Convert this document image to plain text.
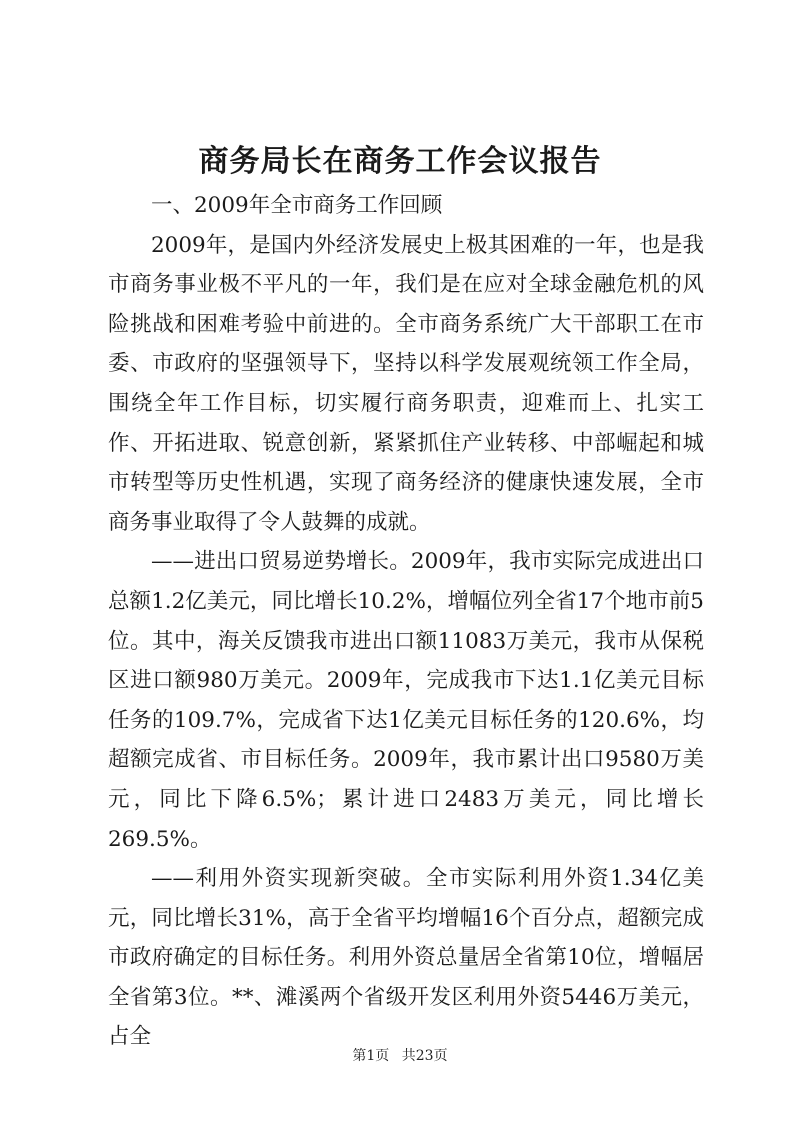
商务局长在商务工作会议报告

一、2009年全市商务工作回顾

2009年，是国内外经济发展史上极其困难的一年，也是我市商务事业极不平凡的一年，我们是在应对全球金融危机的风险挑战和困难考验中前进的。全市商务系统广大干部职工在市委、市政府的坚强领导下，坚持以科学发展观统领工作全局，围绕全年工作目标，切实履行商务职责，迎难而上、扎实工作、开拓进取、锐意创新，紧紧抓住产业转移、中部崛起和城市转型等历史性机遇，实现了商务经济的健康快速发展，全市商务事业取得了令人鼓舞的成就。

——进出口贸易逆势增长。2009年，我市实际完成进出口总额1.2亿美元，同比增长10.2%，增幅位列全省17个地市前5位。其中，海关反馈我市进出口额11083万美元，我市从保税区进口额980万美元。2009年，完成我市下达1.1亿美元目标任务的109.7%，完成省下达1亿美元目标任务的120.6%，均超额完成省、市目标任务。2009年，我市累计出口9580万美元，同比下降6.5%；累计进口2483万美元，同比增长269.5%。

——利用外资实现新突破。全市实际利用外资1.34亿美元，同比增长31%，高于全省平均增幅16个百分点，超额完成市政府确定的目标任务。利用外资总量居全省第10位，增幅居全省第3位。**、滩溪两个省级开发区利用外资5446万美元，占全

第1页 共23页
